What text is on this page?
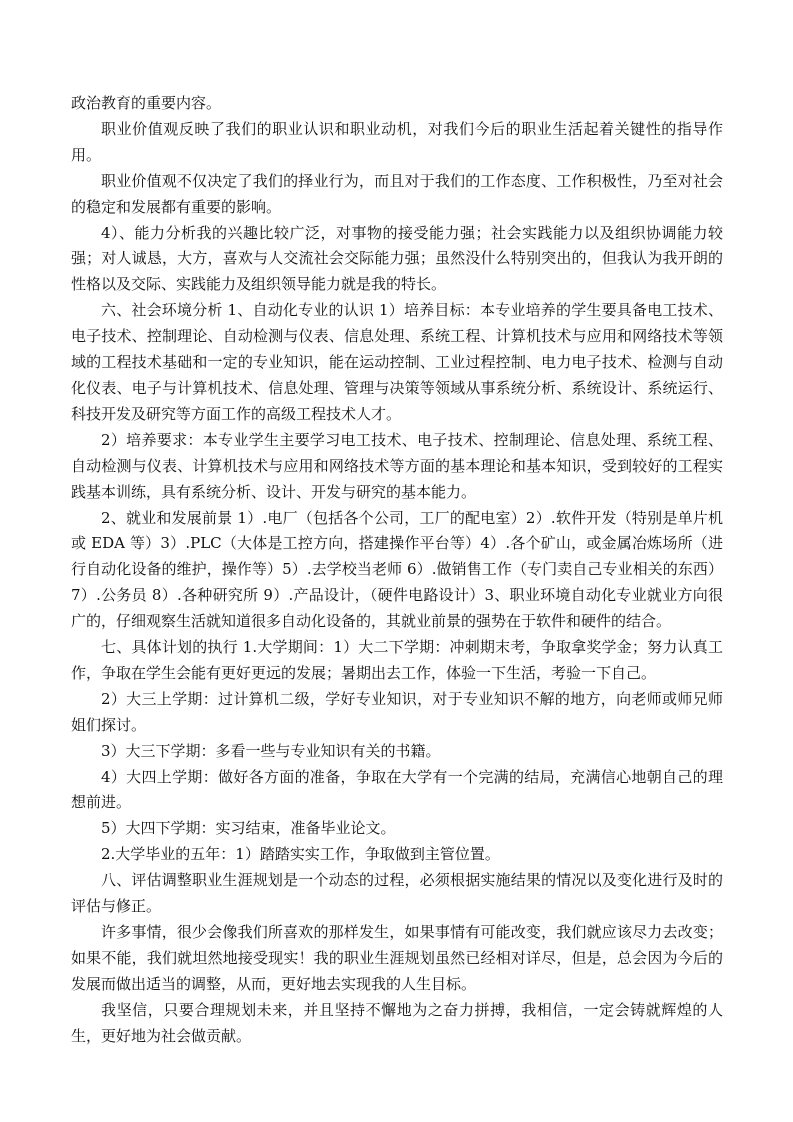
政治教育的重要内容。

职业价值观反映了我们的职业认识和职业动机，对我们今后的职业生活起着关键性的指导作用。

职业价值观不仅决定了我们的择业行为，而且对于我们的工作态度、工作积极性，乃至对社会的稳定和发展都有重要的影响。

4）、能力分析我的兴趣比较广泛，对事物的接受能力强；社会实践能力以及组织协调能力较强；对人诚恳，大方，喜欢与人交流社会交际能力强；虽然没什么特别突出的，但我认为我开朗的性格以及交际、实践能力及组织领导能力就是我的特长。

六、社会环境分析 1、自动化专业的认识 1）培养目标：本专业培养的学生要具备电工技术、电子技术、控制理论、自动检测与仪表、信息处理、系统工程、计算机技术与应用和网络技术等领域的工程技术基础和一定的专业知识，能在运动控制、工业过程控制、电力电子技术、检测与自动化仪表、电子与计算机技术、信息处理、管理与决策等领域从事系统分析、系统设计、系统运行、科技开发及研究等方面工作的高级工程技术人才。

2）培养要求：本专业学生主要学习电工技术、电子技术、控制理论、信息处理、系统工程、自动检测与仪表、计算机技术与应用和网络技术等方面的基本理论和基本知识，受到较好的工程实践基本训练，具有系统分析、设计、开发与研究的基本能力。

2、就业和发展前景 1）.电厂（包括各个公司，工厂的配电室）2）.软件开发（特别是单片机或 EDA 等）3）.PLC（大体是工控方向，搭建操作平台等）4）.各个矿山，或金属冶炼场所（进行自动化设备的维护，操作等）5）.去学校当老师 6）.做销售工作（专门卖自己专业相关的东西）7）.公务员 8）.各种研究所 9）.产品设计，（硬件电路设计）3、职业环境自动化专业就业方向很广的，仔细观察生活就知道很多自动化设备的，其就业前景的强势在于软件和硬件的结合。

七、具体计划的执行 1.大学期间：1）大二下学期：冲刺期末考，争取拿奖学金；努力认真工作，争取在学生会能有更好更远的发展；暑期出去工作，体验一下生活，考验一下自己。

2）大三上学期：过计算机二级，学好专业知识，对于专业知识不解的地方，向老师或师兄师姐们探讨。

3）大三下学期：多看一些与专业知识有关的书籍。

4）大四上学期：做好各方面的准备，争取在大学有一个完满的结局，充满信心地朝自己的理想前进。

5）大四下学期：实习结束，准备毕业论文。

2.大学毕业的五年：1）踏踏实实工作，争取做到主管位置。

八、评估调整职业生涯规划是一个动态的过程，必须根据实施结果的情况以及变化进行及时的评估与修正。

许多事情，很少会像我们所喜欢的那样发生，如果事情有可能改变，我们就应该尽力去改变；如果不能，我们就坦然地接受现实！我的职业生涯规划虽然已经相对详尽，但是，总会因为今后的发展而做出适当的调整，从而，更好地去实现我的人生目标。

我坚信，只要合理规划未来，并且坚持不懈地为之奋力拼搏，我相信，一定会铸就辉煌的人生，更好地为社会做贡献。
